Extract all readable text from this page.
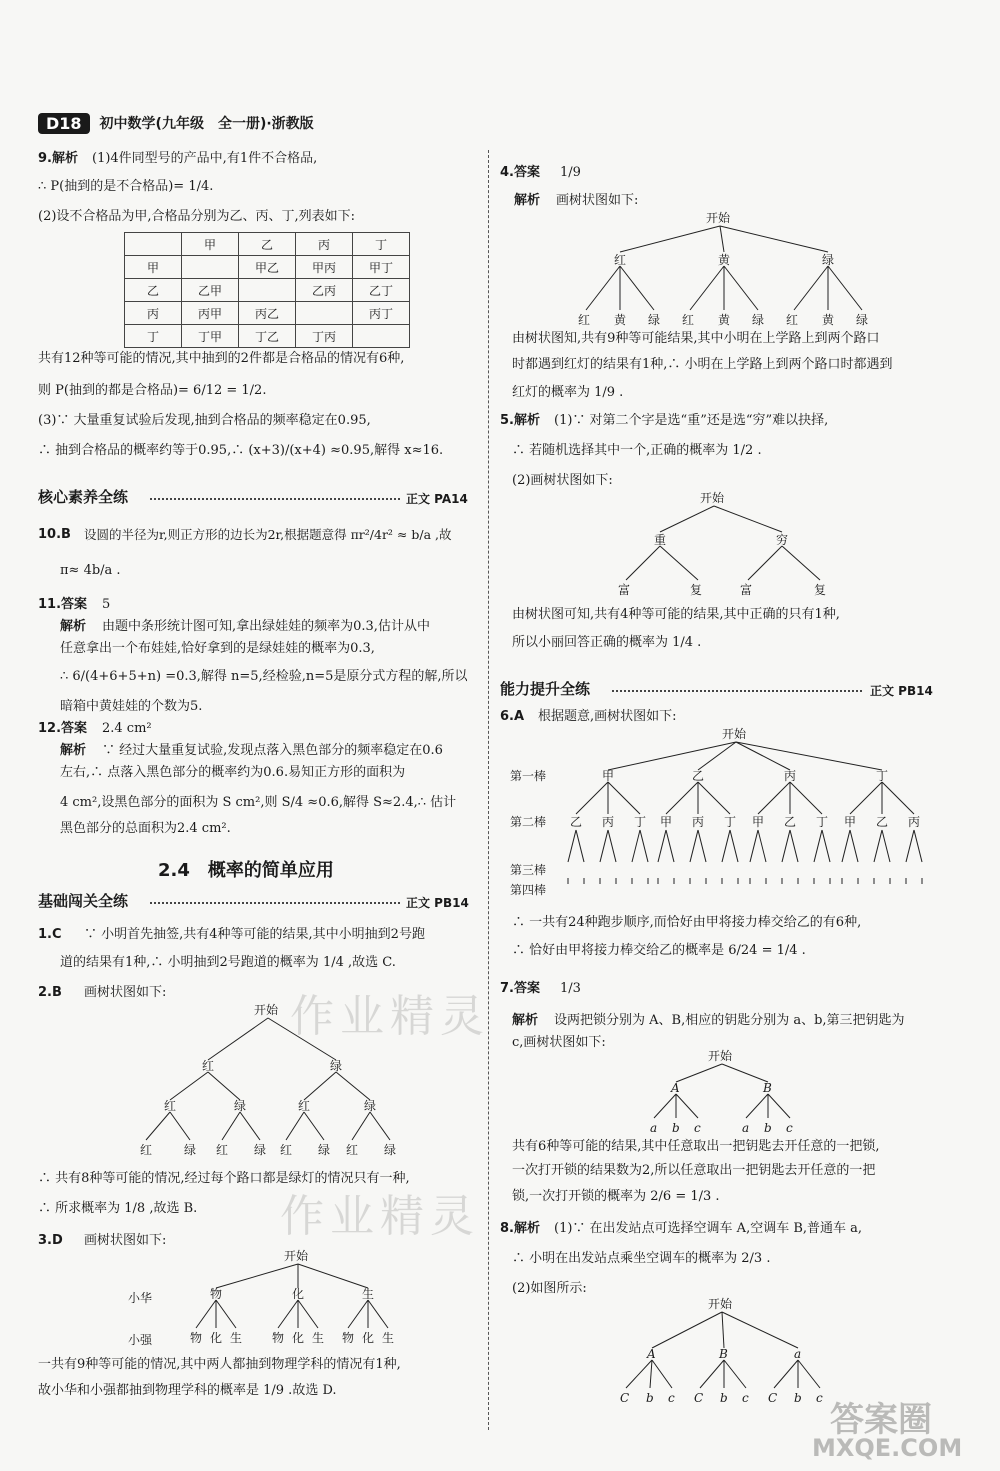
D18	初中数学(九年级　全一册)·浙教版
9.解析 (1)4件同型号的产品中,有1件不合格品,
∴ P(抽到的是不合格品)= 1/4.
(2)设不合格品为甲,合格品分别为乙、丙、丁,列表如下:
	甲	乙	丙	丁
甲		甲乙	甲丙	甲丁
乙	乙甲		乙丙	乙丁
丙	丙甲	丙乙		丙丁
丁	丁甲	丁乙	丁丙	
共有12种等可能的情况,其中抽到的2件都是合格品的情况有6种,
则 P(抽到的都是合格品)= 6/12 = 1/2.
(3)∵ 大量重复试验后发现,抽到合格品的频率稳定在0.95,
∴ 抽到合格品的概率约等于0.95,∴ (x+3)/(x+4) ≈0.95,解得 x≈16.
核心素养全练	正文 PA14
10.B 设圆的半径为r,则正方形的边长为2r,根据题意得 πr²/4r² ≈ b/a ,故
π≈ 4b/a .
11.答案 5
解析 由题中条形统计图可知,拿出绿娃娃的频率为0.3,估计从中
任意拿出一个布娃娃,恰好拿到的是绿娃娃的概率为0.3,
∴ 6/(4+6+5+n) =0.3,解得 n=5,经检验,n=5是原分式方程的解,所以
暗箱中黄娃娃的个数为5.
12.答案 2.4 cm²
解析 ∵ 经过大量重复试验,发现点落入黑色部分的频率稳定在0.6
左右,∴ 点落入黑色部分的概率约为0.6.易知正方形的面积为
4 cm²,设黑色部分的面积为 S cm²,则 S/4 ≈0.6,解得 S≈2.4,∴ 估计
黑色部分的总面积为2.4 cm².
2.4　概率的简单应用
基础闯关全练	正文 PB14
1.C ∵ 小明首先抽签,共有4种等可能的结果,其中小明抽到2号跑
道的结果有1种,∴ 小明抽到2号跑道的概率为 1/4 ,故选 C.
2.B 画树状图如下:
开始
红	绿
红	绿	红	绿
红	绿 红 绿 红 绿 红 绿
∴ 共有8种等可能的情况,经过每个路口都是绿灯的情况只有一种,
∴ 所求概率为 1/8 ,故选 B.
3.D 画树状图如下:
开始
小华	物	化	生
小强	物 化 生 物 化 生 物 化 生
一共有9种等可能的情况,其中两人都抽到物理学科的情况有1种,
故小华和小强都抽到物理学科的概率是 1/9 .故选 D.
4.答案 1/9
解析 画树状图如下:
开始
红	黄	绿
红 黄 绿 红 黄 绿 红 黄 绿
由树状图知,共有9种等可能结果,其中小明在上学路上到两个路口
时都遇到红灯的结果有1种,∴ 小明在上学路上到两个路口时都遇到
红灯的概率为 1/9 .
5.解析 (1)∵ 对第二个字是选“重”还是选“穷”难以抉择,
∴ 若随机选择其中一个,正确的概率为 1/2 .
(2)画树状图如下:
开始
重	穷
富	复	富	复
由树状图可知,共有4种等可能的结果,其中正确的只有1种,
所以小丽回答正确的概率为 1/4 .
能力提升全练	正文 PB14
6.A 根据题意,画树状图如下:
开始
第一棒	甲	乙	丙	丁
第二棒 乙 丙 丁 甲 丙 丁 甲 乙 丁 甲 乙 丙
第三棒
第四棒
∴ 一共有24种跑步顺序,而恰好由甲将接力棒交给乙的有6种,
∴ 恰好由甲将接力棒交给乙的概率是 6/24 = 1/4 .
7.答案 1/3
解析 设两把锁分别为 A、B,相应的钥匙分别为 a、b,第三把钥匙为
c,画树状图如下:
开始
A	B
a b c	a b c
共有6种等可能的结果,其中任意取出一把钥匙去开任意的一把锁,
一次打开锁的结果数为2,所以任意取出一把钥匙去开任意的一把
锁,一次打开锁的概率为 2/6 = 1/3 .
8.解析 (1)∵ 在出发站点可选择空调车 A,空调车 B,普通车 a,
∴ 小明在出发站点乘坐空调车的概率为 2/3 .
(2)如图所示:
开始
A	B	a
C b c C b c C b c
作业精灵
作业精灵
答案圈
MXQE.COM
